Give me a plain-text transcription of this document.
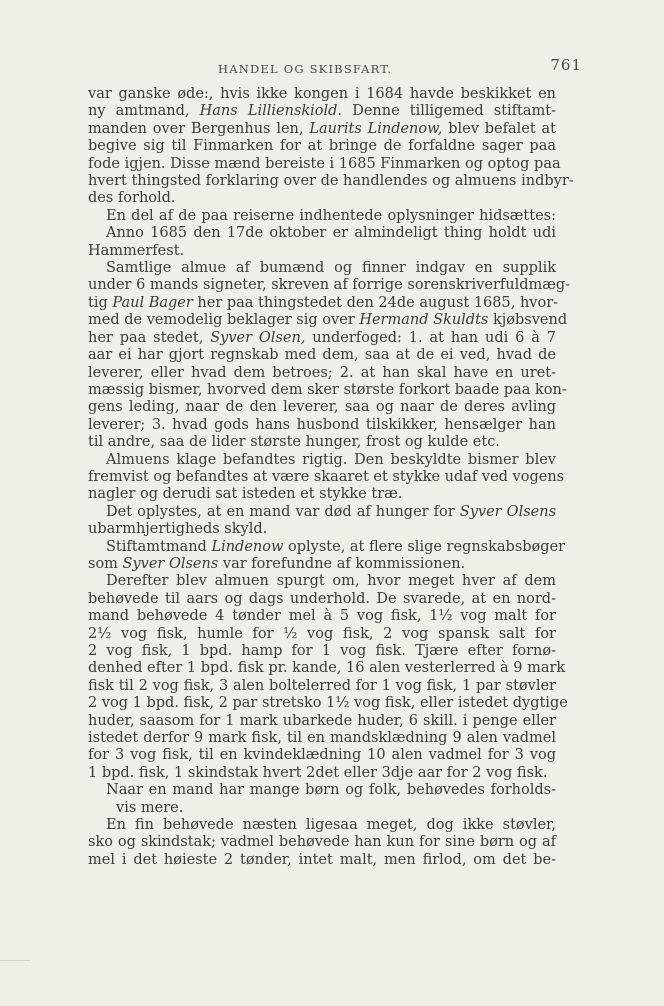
HANDEL OG SKIBSFART.	761
var ganske øde:, hvis ikke kongen i 1684 havde beskikket en
ny amtmand, Hans Lillienskiold. Denne tilligemed stiftamt-
manden over Bergenhus len, Laurits Lindenow, blev befalet at
begive sig til Finmarken for at bringe de forfaldne sager paa
fode igjen. Disse mænd bereiste i 1685 Finmarken og optog paa
hvert thingsted forklaring over de handlendes og almuens indbyr-
des forhold.
En del af de paa reiserne indhentede oplysninger hidsættes:
Anno 1685 den 17de oktober er almindeligt thing holdt udi
Hammerfest.
Samtlige almue af bumænd og finner indgav en supplik
under 6 mands signeter, skreven af forrige sorenskriverfuldmæg-
tig Paul Bager her paa thingstedet den 24de august 1685, hvor-
med de vemodelig beklager sig over Hermand Skuldts kjøbsvend
her paa stedet, Syver Olsen, underfoged: 1. at han udi 6 à 7
aar ei har gjort regnskab med dem, saa at de ei ved, hvad de
leverer, eller hvad dem betroes; 2. at han skal have en uret-
mæssig bismer, hvorved dem sker største forkort baade paa kon-
gens leding, naar de den leverer, saa og naar de deres avling
leverer; 3. hvad gods hans husbond tilskikker, hensælger han
til andre, saa de lider største hunger, frost og kulde etc.
Almuens klage befandtes rigtig. Den beskyldte bismer blev
fremvist og befandtes at være skaaret et stykke udaf ved vogens
nagler og derudi sat isteden et stykke træ.
Det oplystes, at en mand var død af hunger for Syver Olsens
ubarmhjertigheds skyld.
Stiftamtmand Lindenow oplyste, at flere slige regnskabsbøger
som Syver Olsens var forefundne af kommissionen.
Derefter blev almuen spurgt om, hvor meget hver af dem
behøvede til aars og dags underhold. De svarede, at en nord-
mand behøvede 4 tønder mel à 5 vog fisk, 1½ vog malt for
2½ vog fisk, humle for ½ vog fisk, 2 vog spansk salt for
2 vog fisk, 1 bpd. hamp for 1 vog fisk. Tjære efter fornø-
denhed efter 1 bpd. fisk pr. kande, 16 alen vesterlerred à 9 mark
fisk til 2 vog fisk, 3 alen boltelerred for 1 vog fisk, 1 par støvler
2 vog 1 bpd. fisk, 2 par stretsko 1½ vog fisk, eller istedet dygtige
huder, saasom for 1 mark ubarkede huder, 6 skill. i penge eller
istedet derfor 9 mark fisk, til en mandsklædning 9 alen vadmel
for 3 vog fisk, til en kvindeklædning 10 alen vadmel for 3 vog
1 bpd. fisk, 1 skindstak hvert 2det eller 3dje aar for 2 vog fisk.
Naar en mand har mange børn og folk, behøvedes forholds-
vis mere.
En fin behøvede næsten ligesaa meget, dog ikke støvler,
sko og skindstak; vadmel behøvede han kun for sine børn og af
mel i det høieste 2 tønder, intet malt, men firlod, om det be-
